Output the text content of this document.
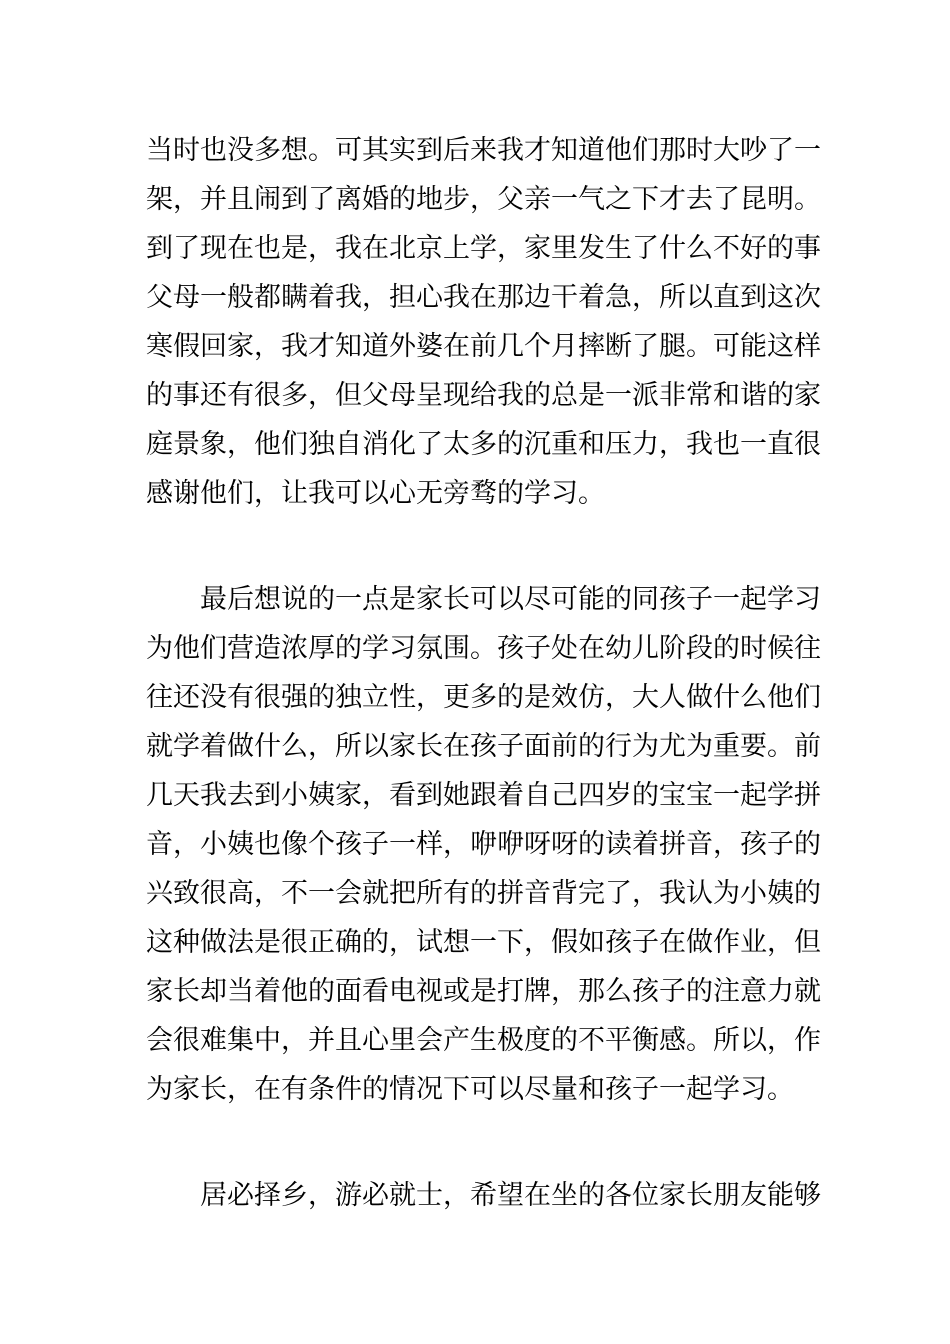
当时也没多想。可其实到后来我才知道他们那时大吵了一
架，并且闹到了离婚的地步，父亲一气之下才去了昆明。
到了现在也是，我在北京上学，家里发生了什么不好的事
父母一般都瞒着我，担心我在那边干着急，所以直到这次
寒假回家，我才知道外婆在前几个月摔断了腿。可能这样
的事还有很多，但父母呈现给我的总是一派非常和谐的家
庭景象，他们独自消化了太多的沉重和压力，我也一直很
感谢他们，让我可以心无旁骛的学习。
最后想说的一点是家长可以尽可能的同孩子一起学习
为他们营造浓厚的学习氛围。孩子处在幼儿阶段的时候往
往还没有很强的独立性，更多的是效仿，大人做什么他们
就学着做什么，所以家长在孩子面前的行为尤为重要。前
几天我去到小姨家，看到她跟着自己四岁的宝宝一起学拼
音，小姨也像个孩子一样，咿咿呀呀的读着拼音，孩子的
兴致很高，不一会就把所有的拼音背完了，我认为小姨的
这种做法是很正确的，试想一下，假如孩子在做作业，但
家长却当着他的面看电视或是打牌，那么孩子的注意力就
会很难集中，并且心里会产生极度的不平衡感。所以，作
为家长，在有条件的情况下可以尽量和孩子一起学习。
居必择乡，游必就士，希望在坐的各位家长朋友能够
